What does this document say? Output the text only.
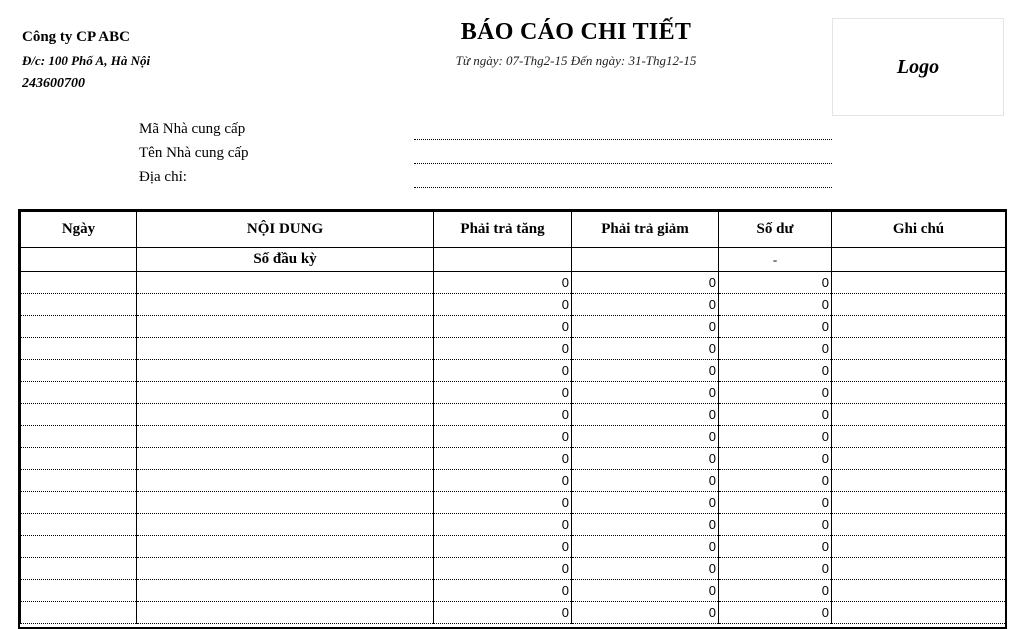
Công ty CP ABC
Đ/c: 100 Phố A, Hà Nội
243600700
BÁO CÁO CHI TIẾT
Từ ngày: 07-Thg2-15 Đến ngày: 31-Thg12-15	Logo
Mã Nhà cung cấp
Tên Nhà cung cấp
Địa chỉ:
Ngày	NỘI DUNG	Phải trả tăng	Phải trả giảm	Số dư	Ghi chú
	Số đầu kỳ			-	
		0	0	0	
		0	0	0	
		0	0	0	
		0	0	0	
		0	0	0	
		0	0	0	
		0	0	0	
		0	0	0	
		0	0	0	
		0	0	0	
		0	0	0	
		0	0	0	
		0	0	0	
		0	0	0	
		0	0	0	
		0	0	0	
